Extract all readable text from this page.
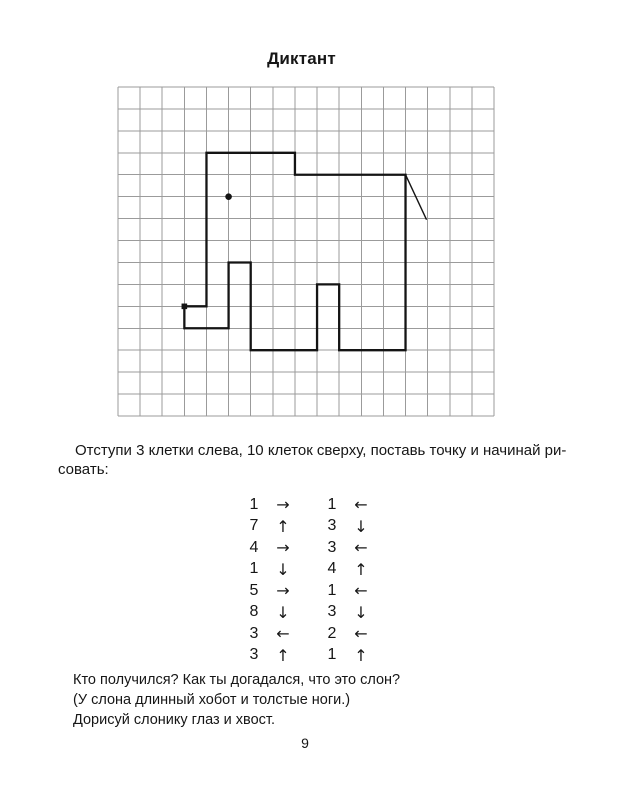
Диктант
Отступи 3 клетки слева, 10 клеток сверху, поставь точку и начинай ри-
совать:
1	→	1	←
7	↑	3	↓
4	→	3	←
1	↓	4	↑
5	→	1	←
8	↓	3	↓
3	←	2	←
3	↑	1	↑
Кто получился? Как ты догадался, что это слон?
(У слона длинный хобот и толстые ноги.)
Дорисуй слонику глаз и хвост.
9
